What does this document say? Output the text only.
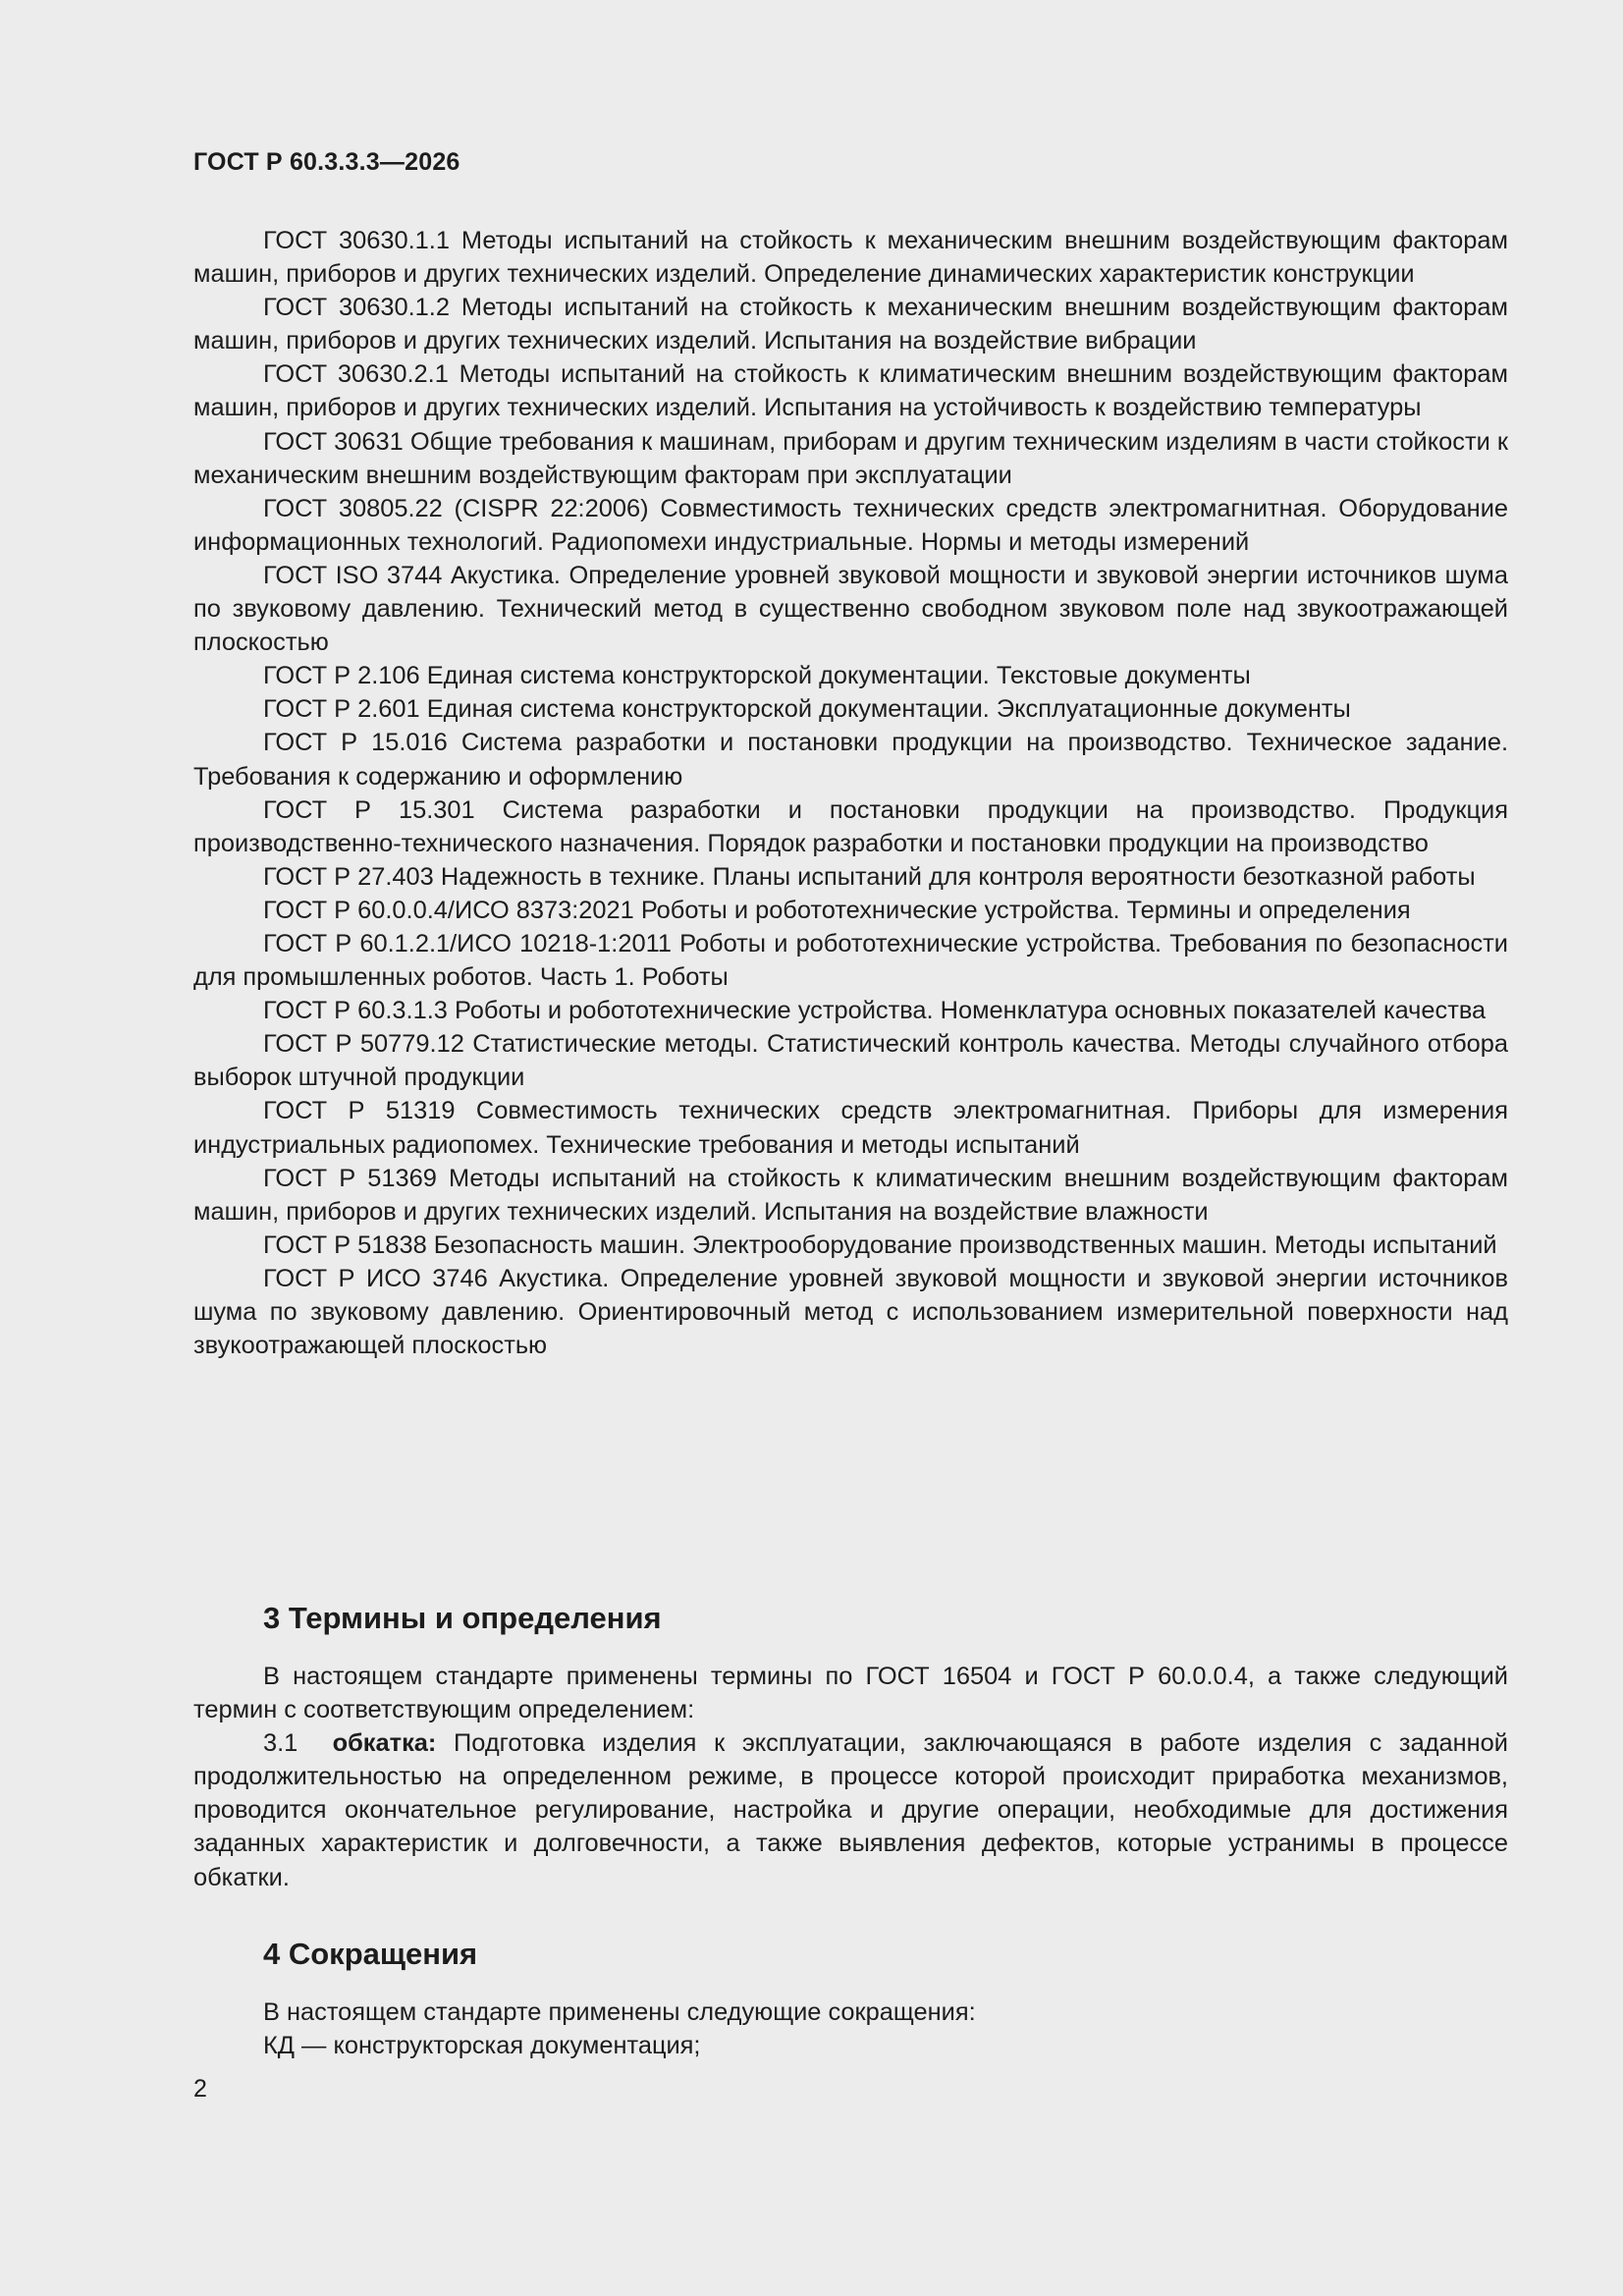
ГОСТ Р 60.3.3.3—2026

ГОСТ 30630.1.1 Методы испытаний на стойкость к механическим внешним воздействующим факторам машин, приборов и других технических изделий. Определение динамических характеристик конструкции

ГОСТ 30630.1.2 Методы испытаний на стойкость к механическим внешним воздействующим факторам машин, приборов и других технических изделий. Испытания на воздействие вибрации

ГОСТ 30630.2.1 Методы испытаний на стойкость к климатическим внешним воздействующим факторам машин, приборов и других технических изделий. Испытания на устойчивость к воздействию температуры

ГОСТ 30631 Общие требования к машинам, приборам и другим техническим изделиям в части стойкости к механическим внешним воздействующим факторам при эксплуатации

ГОСТ 30805.22 (CISPR 22:2006) Совместимость технических средств электромагнитная. Оборудование информационных технологий. Радиопомехи индустриальные. Нормы и методы измерений

ГОСТ ISO 3744 Акустика. Определение уровней звуковой мощности и звуковой энергии источников шума по звуковому давлению. Технический метод в существенно свободном звуковом поле над звукоотражающей плоскостью

ГОСТ Р 2.106 Единая система конструкторской документации. Текстовые документы

ГОСТ Р 2.601 Единая система конструкторской документации. Эксплуатационные документы

ГОСТ Р 15.016 Система разработки и постановки продукции на производство. Техническое задание. Требования к содержанию и оформлению

ГОСТ Р 15.301 Система разработки и постановки продукции на производство. Продукция производственно-технического назначения. Порядок разработки и постановки продукции на производство

ГОСТ Р 27.403 Надежность в технике. Планы испытаний для контроля вероятности безотказной работы

ГОСТ Р 60.0.0.4/ИСО 8373:2021 Роботы и робототехнические устройства. Термины и определения

ГОСТ Р 60.1.2.1/ИСО 10218-1:2011 Роботы и робототехнические устройства. Требования по безопасности для промышленных роботов. Часть 1. Роботы

ГОСТ Р 60.3.1.3 Роботы и робототехнические устройства. Номенклатура основных показателей качества

ГОСТ Р 50779.12 Статистические методы. Статистический контроль качества. Методы случайного отбора выборок штучной продукции

ГОСТ Р 51319 Совместимость технических средств электромагнитная. Приборы для измерения индустриальных радиопомех. Технические требования и методы испытаний

ГОСТ Р 51369 Методы испытаний на стойкость к климатическим внешним воздействующим факторам машин, приборов и других технических изделий. Испытания на воздействие влажности

ГОСТ Р 51838 Безопасность машин. Электрооборудование производственных машин. Методы испытаний

ГОСТ Р ИСО 3746 Акустика. Определение уровней звуковой мощности и звуковой энергии источников шума по звуковому давлению. Ориентировочный метод с использованием измерительной поверхности над звукоотражающей плоскостью

3 Термины и определения

В настоящем стандарте применены термины по ГОСТ 16504 и ГОСТ Р 60.0.0.4, а также следующий термин с соответствующим определением:

3.1 обкатка: Подготовка изделия к эксплуатации, заключающаяся в работе изделия с заданной продолжительностью на определенном режиме, в процессе которой происходит приработка механизмов, проводится окончательное регулирование, настройка и другие операции, необходимые для достижения заданных характеристик и долговечности, а также выявления дефектов, которые устранимы в процессе обкатки.

4 Сокращения

В настоящем стандарте применены следующие сокращения:

КД — конструкторская документация;

2
